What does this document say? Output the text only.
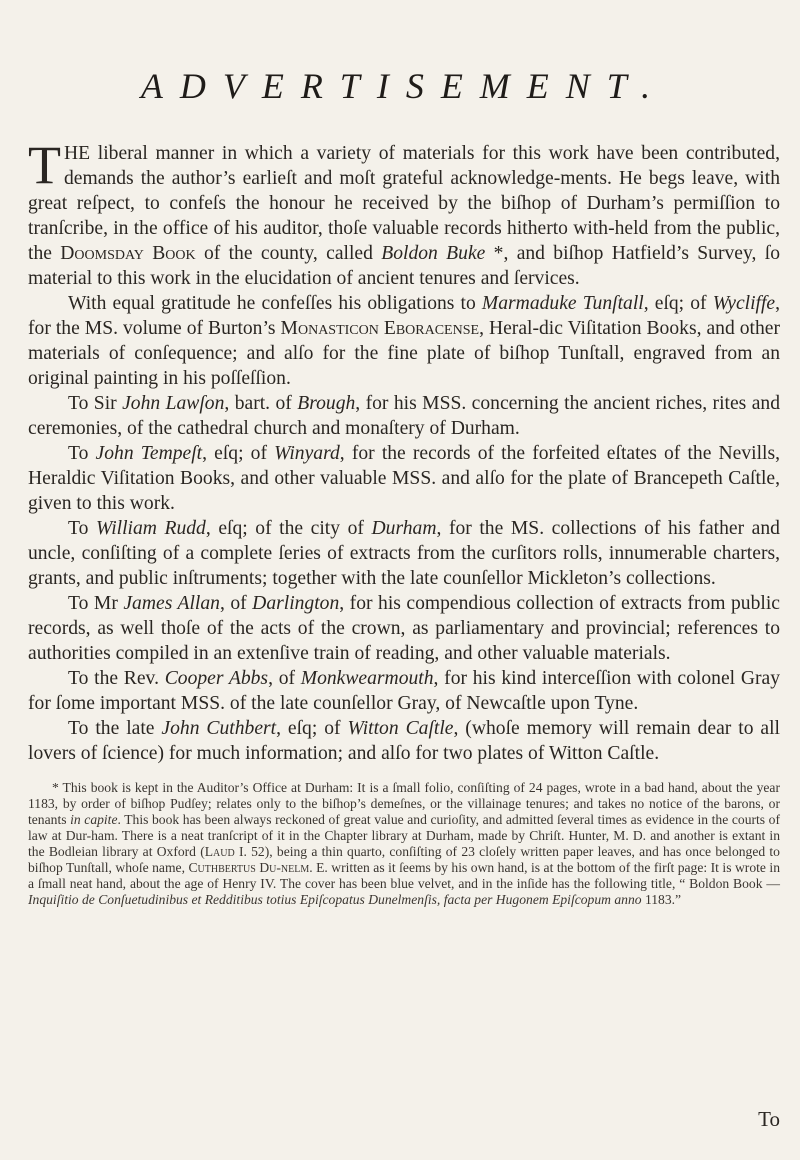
ADVERTISEMENT.

THE liberal manner in which a variety of materials for this work have been contributed, demands the author’s earlieſt and moſt grateful acknowledge-ments. He begs leave, with great reſpect, to confeſs the honour he received by the biſhop of Durham’s permiſſion to tranſcribe, in the office of his auditor, thoſe valuable records hitherto with-held from the public, the Doomsday Book of the county, called Boldon Buke *, and biſhop Hatfield’s Survey, ſo material to this work in the elucidation of ancient tenures and ſervices.

With equal gratitude he confeſſes his obligations to Marmaduke Tunſtall, eſq; of Wycliffe, for the MS. volume of Burton’s Monasticon Eboracense, Heral-dic Viſitation Books, and other materials of conſequence; and alſo for the fine plate of biſhop Tunſtall, engraved from an original painting in his poſſeſſion.

To Sir John Lawſon, bart. of Brough, for his MSS. concerning the ancient riches, rites and ceremonies, of the cathedral church and monaſtery of Durham.

To John Tempeſt, eſq; of Winyard, for the records of the forfeited eſtates of the Nevills, Heraldic Viſitation Books, and other valuable MSS. and alſo for the plate of Brancepeth Caſtle, given to this work.

To William Rudd, eſq; of the city of Durham, for the MS. collections of his father and uncle, conſiſting of a complete ſeries of extracts from the curſitors rolls, innumerable charters, grants, and public inſtruments; together with the late counſellor Mickleton’s collections.

To Mr James Allan, of Darlington, for his compendious collection of extracts from public records, as well thoſe of the acts of the crown, as parliamentary and provincial; references to authorities compiled in an extenſive train of reading, and other valuable materials.

To the Rev. Cooper Abbs, of Monkwearmouth, for his kind interceſſion with colonel Gray for ſome important MSS. of the late counſellor Gray, of Newcaſtle upon Tyne.

To the late John Cuthbert, eſq; of Witton Caſtle, (whoſe memory will remain dear to all lovers of ſcience) for much information; and alſo for two plates of Witton Caſtle.

* This book is kept in the Auditor’s Office at Durham: It is a ſmall folio, conſiſting of 24 pages, wrote in a bad hand, about the year 1183, by order of biſhop Pudſey; relates only to the biſhop’s demeſnes, or the villainage tenures; and takes no notice of the barons, or tenants in capite. This book has been always reckoned of great value and curioſity, and admitted ſeveral times as evidence in the courts of law at Dur-ham. There is a neat tranſcript of it in the Chapter library at Durham, made by Chriſt. Hunter, M. D. and another is extant in the Bodleian library at Oxford (Laud I. 52), being a thin quarto, conſiſting of 23 cloſely written paper leaves, and has once belonged to biſhop Tunſtall, whoſe name, Cuthbertus Du-nelm. E. written as it ſeems by his own hand, is at the bottom of the firſt page: It is wrote in a ſmall neat hand, about the age of Henry IV. The cover has been blue velvet, and in the inſide has the following title, “ Boldon Book —Inquiſitio de Conſuetudinibus et Redditibus totius Epiſcopatus Dunelmenſis, facta per Hugonem Epiſcopum anno 1183.”
To
